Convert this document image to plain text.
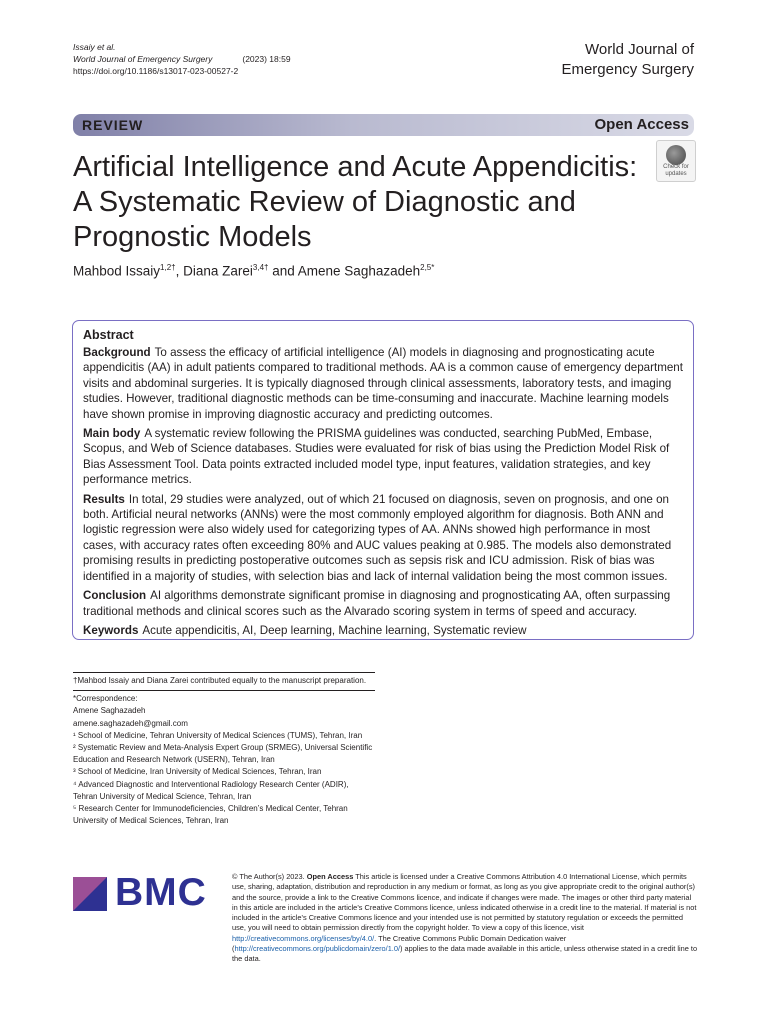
Issaiy et al.
World Journal of Emergency Surgery	(2023) 18:59
https://doi.org/10.1186/s13017-023-00527-2
World Journal of
Emergency Surgery
REVIEW	Open Access
Artificial Intelligence and Acute Appendicitis: A Systematic Review of Diagnostic and Prognostic Models
Check for
updates
Mahbod Issaiy$^{1,2\dagger}$, Diana Zarei$^{3,4\dagger}$ and Amene Saghazadeh$^{2,5*}$
Abstract

Background To assess the efficacy of artificial intelligence (AI) models in diagnosing and prognosticating acute appendicitis (AA) in adult patients compared to traditional methods. AA is a common cause of emergency department visits and abdominal surgeries. It is typically diagnosed through clinical assessments, laboratory tests, and imaging studies. However, traditional diagnostic methods can be time-consuming and inaccurate. Machine learning models have shown promise in improving diagnostic accuracy and predicting outcomes.

Main body A systematic review following the PRISMA guidelines was conducted, searching PubMed, Embase, Scopus, and Web of Science databases. Studies were evaluated for risk of bias using the Prediction Model Risk of Bias Assessment Tool. Data points extracted included model type, input features, validation strategies, and key performance metrics.

Results In total, 29 studies were analyzed, out of which 21 focused on diagnosis, seven on prognosis, and one on both. Artificial neural networks (ANNs) were the most commonly employed algorithm for diagnosis. Both ANN and logistic regression were also widely used for categorizing types of AA. ANNs showed high performance in most cases, with accuracy rates often exceeding 80% and AUC values peaking at 0.985. The models also demonstrated promising results in predicting postoperative outcomes such as sepsis risk and ICU admission. Risk of bias was identified in a majority of studies, with selection bias and lack of internal validation being the most common issues.

Conclusion AI algorithms demonstrate significant promise in diagnosing and prognosticating AA, often surpassing traditional methods and clinical scores such as the Alvarado scoring system in terms of speed and accuracy.

Keywords Acute appendicitis, AI, Deep learning, Machine learning, Systematic review

†Mahbod Issaiy and Diana Zarei contributed equally to the manuscript preparation.

*Correspondence:

Amene Saghazadeh

amene.saghazadeh@gmail.com

¹ School of Medicine, Tehran University of Medical Sciences (TUMS), Tehran, Iran

² Systematic Review and Meta-Analysis Expert Group (SRMEG), Universal Scientific Education and Research Network (USERN), Tehran, Iran

³ School of Medicine, Iran University of Medical Sciences, Tehran, Iran

⁴ Advanced Diagnostic and Interventional Radiology Research Center (ADIR), Tehran University of Medical Science, Tehran, Iran

⁵ Research Center for Immunodeficiencies, Children’s Medical Center, Tehran University of Medical Sciences, Tehran, Iran

BMC	© The Author(s) 2023. Open Access This article is licensed under a Creative Commons Attribution 4.0 International License, which permits use, sharing, adaptation, distribution and reproduction in any medium or format, as long as you give appropriate credit to the original author(s) and the source, provide a link to the Creative Commons licence, and indicate if changes were made. The images or other third party material in this article are included in the article’s Creative Commons licence, unless indicated otherwise in a credit line to the material. If material is not included in the article’s Creative Commons licence and your intended use is not permitted by statutory regulation or exceeds the permitted use, you will need to obtain permission directly from the copyright holder. To view a copy of this licence, visit http://creativecommons.org/licenses/by/4.0/. The Creative Commons Public Domain Dedication waiver (http://creativecommons.org/publicdomain/zero/1.0/) applies to the data made available in this article, unless otherwise stated in a credit line to the data.
